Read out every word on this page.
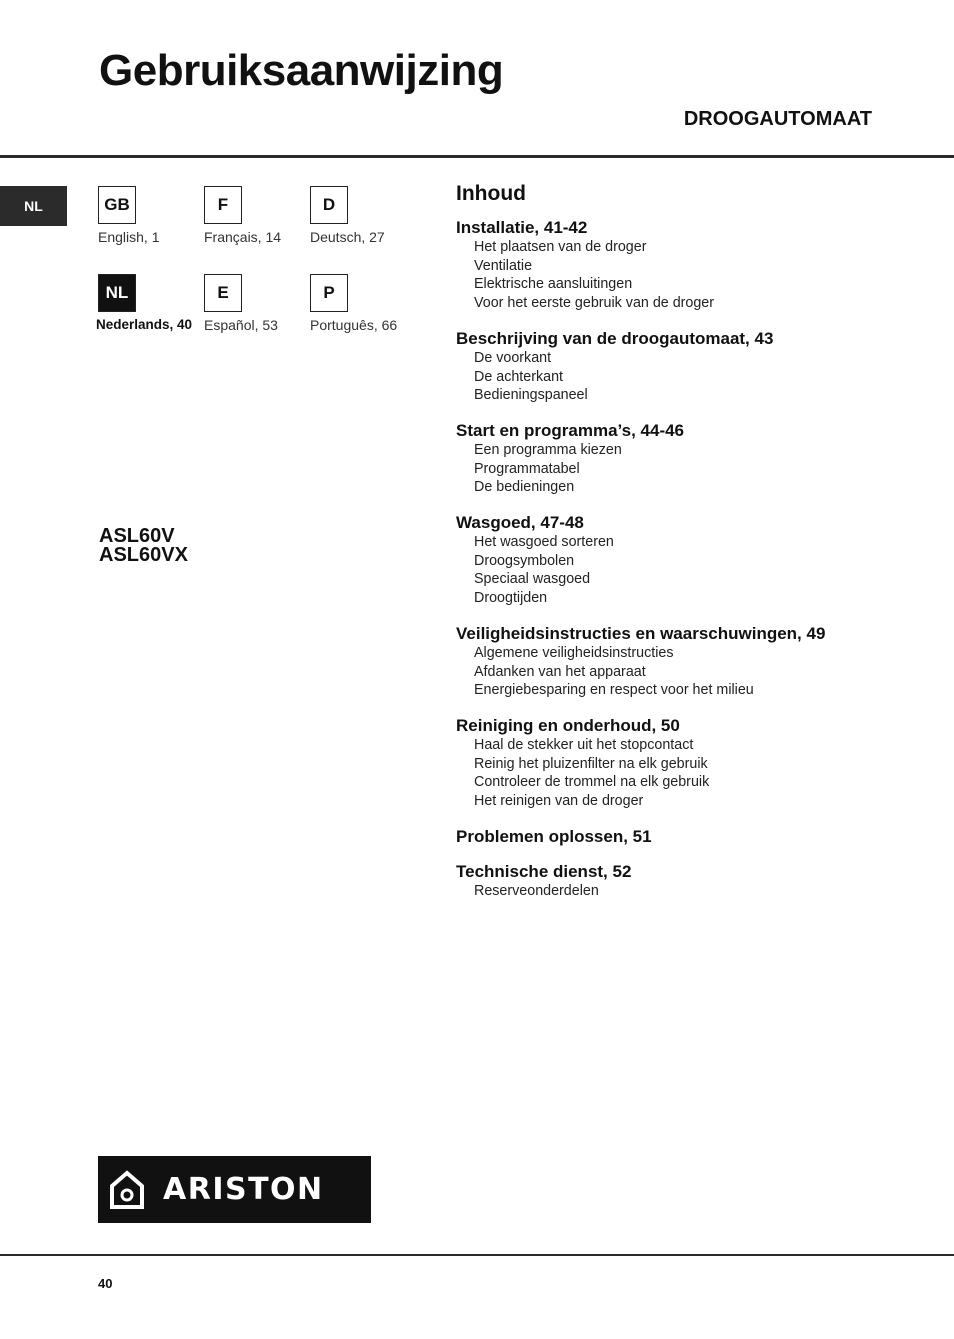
Gebruiksaanwijzing
DROOGAUTOMAAT
NL	GB
English, 1
F
Français, 14
D
Deutsch, 27
NL
Nederlands, 40
E
Español, 53
P
Português, 66
ASL60V
ASL60VX
Inhoud
Installatie, 41-42
Het plaatsen van de droger
Ventilatie
Elektrische aansluitingen
Voor het eerste gebruik van de droger
Beschrijving van de droogautomaat, 43
De voorkant
De achterkant
Bedieningspaneel
Start en programma’s, 44-46
Een programma kiezen
Programmatabel
De bedieningen
Wasgoed, 47-48
Het wasgoed sorteren
Droogsymbolen
Speciaal wasgoed
Droogtijden
Veiligheidsinstructies en waarschuwingen, 49
Algemene veiligheidsinstructies
Afdanken van het apparaat
Energiebesparing en respect voor het milieu
Reiniging en onderhoud, 50
Haal de stekker uit het stopcontact
Reinig het pluizenfilter na elk gebruik
Controleer de trommel na elk gebruik
Het reinigen van de droger
Problemen oplossen, 51
Technische dienst, 52
Reserveonderdelen
ARISTON
40
